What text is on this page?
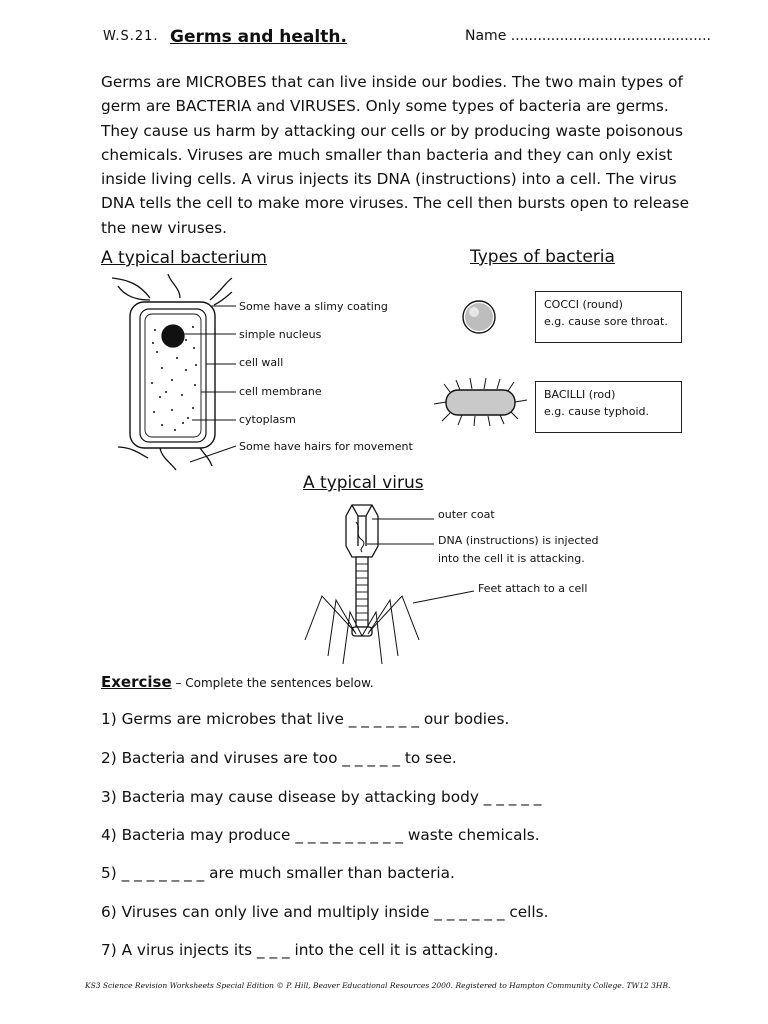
W.S.21. Germs and health.	Name .............................................
Germs are MICROBES that can live inside our bodies. The two main types of germ are BACTERIA and VIRUSES. Only some types of bacteria are germs. They cause us harm by attacking our cells or by producing waste poisonous chemicals. Viruses are much smaller than bacteria and they can only exist inside living cells. A virus injects its DNA (instructions) into a cell. The virus DNA tells the cell to make more viruses. The cell then bursts open to release the new viruses.
A typical bacterium	Types of bacteria
A typical virus
Some have a slimy coating
simple nucleus
cell wall
cell membrane
cytoplasm
Some have hairs for movement
COCCI (round)
e.g. cause sore throat.
BACILLI (rod)
e.g. cause typhoid.
outer coat
DNA (instructions) is injected
into the cell it is attacking.
Feet attach to a cell
Exercise – Complete the sentences below.
1) Germs are microbes that live _ _ _ _ _ _ our bodies.
2) Bacteria and viruses are too _ _ _ _ _ to see.
3) Bacteria may cause disease by attacking body _ _ _ _ _
4) Bacteria may produce _ _ _ _ _ _ _ _ _ waste chemicals.
5) _ _ _ _ _ _ _ are much smaller than bacteria.
6) Viruses can only live and multiply inside _ _ _ _ _ _ cells.
7) A virus injects its _ _ _ into the cell it is attacking.
KS3 Science Revision Worksheets Special Edition © P. Hill, Beaver Educational Resources 2000. Registered to Hampton Community College. TW12 3HB.
